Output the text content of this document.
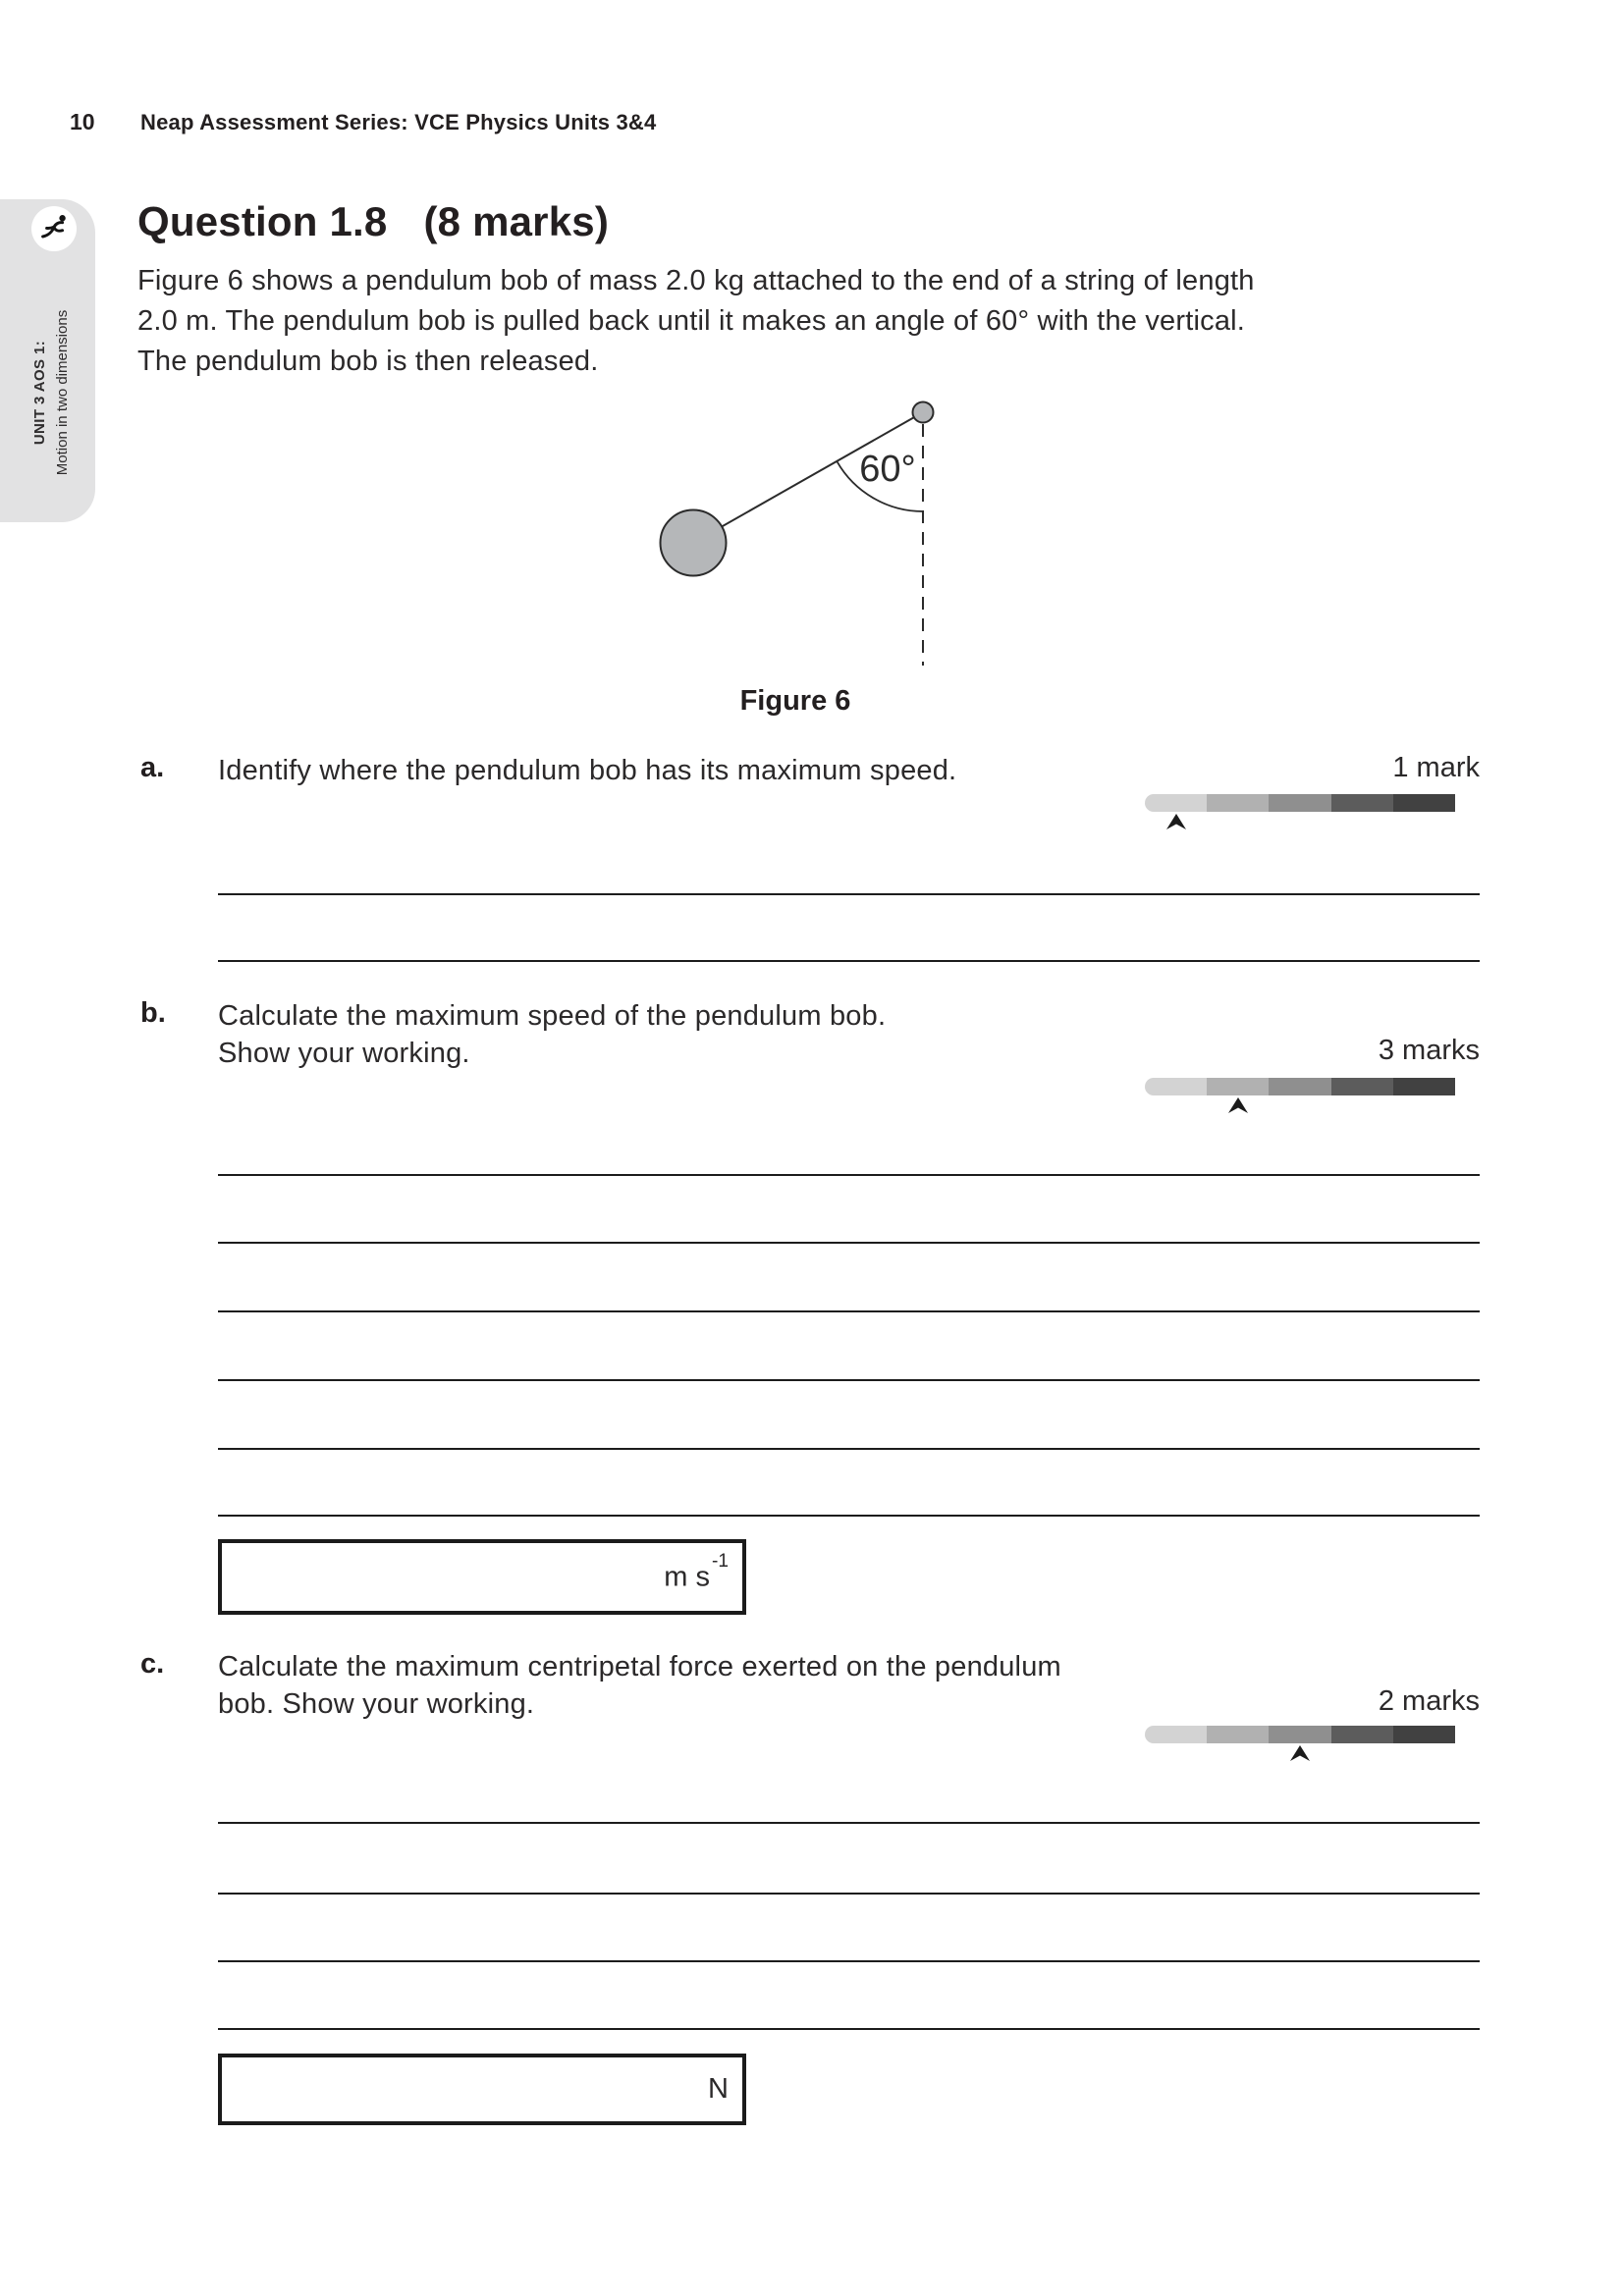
10 Neap Assessment Series: VCE Physics Units 3&4
UNIT 3 AOS 1: Motion in two dimensions
Question 1.8 (8 marks)
Figure 6 shows a pendulum bob of mass 2.0 kg attached to the end of a string of length
2.0 m. The pendulum bob is pulled back until it makes an angle of 60° with the vertical.
The pendulum bob is then released.
60°
Figure 6
a. Identify where the pendulum bob has its maximum speed.	1 mark
b. Calculate the maximum speed of the pendulum bob.
Show your working.	3 marks
m $s^{-1}$
c. Calculate the maximum centripetal force exerted on the pendulum
bob. Show your working.	2 marks
N
